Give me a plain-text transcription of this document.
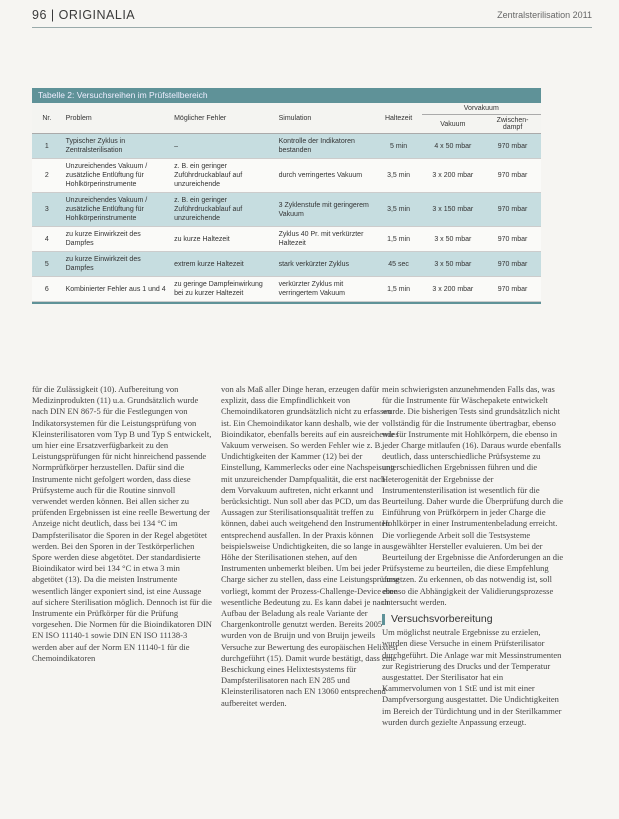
96 | ORIGINALIA	Zentralsterilisation 2011
Tabelle 2: Versuchsreihen im Prüfstellbereich
Nr.	Problem	Möglicher Fehler	Simulation	Haltezeit	Vorvakuum	
					Vakuum	Zwischen-dampf
1	Typischer Zyklus in Zentralsterilisation	–	Kontrolle der Indikatoren bestanden	5 min	4 x 50 mbar	970 mbar
2	Unzureichendes Vakuum / zusätzliche Entlüftung für Hohlkörperinstrumente	z. B. ein geringer Zuführdruckablauf auf unzureichende	durch verringertes Vakuum	3,5 min	3 x 200 mbar	970 mbar
3	Unzureichendes Vakuum / zusätzliche Entlüftung für Hohlkörperinstrumente	z. B. ein geringer Zuführdruckablauf auf unzureichende	3 Zyklenstufe mit geringerem Vakuum	3,5 min	3 x 150 mbar	970 mbar
4	zu kurze Einwirkzeit des Dampfes	zu kurze Haltezeit	Zyklus 40 Pr. mit verkürzter Haltezeit	1,5 min	3 x 50 mbar	970 mbar
5	zu kurze Einwirkzeit des Dampfes	extrem kurze Haltezeit	stark verkürzter Zyklus	45 sec	3 x 50 mbar	970 mbar
6	Kombinierter Fehler aus 1 und 4	zu geringe Dampfeinwirkung bei zu kurzer Haltezeit	verkürzter Zyklus mit verringertem Vakuum	1,5 min	3 x 200 mbar	970 mbar

für die Zulässigkeit (10). Aufbereitung von Medizinprodukten (11) u.a. Grundsätzlich wurde nach DIN EN 867-5 für die Festlegungen von Indikatorsystemen für die Leistungsprüfung von Kleinsterilisatoren vom Typ B und Typ S entwickelt, um hier eine Ersatzverfügbarkeit zu den Leistungsprüfungen für nicht hinreichend passende Normprüfkörper herzustellen. Dafür sind die Instrumente nicht gefolgert worden, dass diese Prüfsysteme auch für die Routine sinnvoll verwendet werden können. Bei allen sicher zu prüfenden Ergebnissen ist eine reelle Bewertung der Anzeige nicht deutlich, dass bei 134 °C im Dampfsterilisator die Sporen in der Regel abgetötet werden. Bei den Sporen in der Testkörperlichen Spore werden diese abgetötet. Der standardisierte Bioindikator wird bei 134 °C in etwa 3 min abgetötet (13). Da die meisten Instrumente wesentlich länger exponiert sind, ist eine Aussage auf sichere Sterilisation möglich. Dennoch ist für die Instrumente ein Prüfkörper für die Prüfung vorgesehen. Die Normen für die Bioindikatoren DIN EN ISO 11140-1 sowie DIN EN ISO 11138-3 werden aber auf der Norm EN 11140-1 für die Chemoindikatoren

von als Maß aller Dinge heran, erzeugen dafür explizit, dass die Empfindlichkeit von Chemoindikatoren grundsätzlich nicht zu erfassen ist. Ein Chemoindikator kann deshalb, wie der Bioindikator, ebenfalls bereits auf ein ausreichendes Vakuum verweisen. So werden Fehler wie z. B. Undichtigkeiten der Kammer (12) bei der Einstellung, Kammerlecks oder eine Nachspeisung mit unzureichender Dampfqualität, die erst nach dem Vorvakuum auftreten, nicht erkannt und berücksichtigt. Nun soll aber das PCD, um das Aussagen zur Sterilisationsqualität treffen zu können, dabei auch weitgehend den Instrumenten entsprechend ausfallen. In der Praxis können beispielsweise Undichtigkeiten, die so lange in Höhe der Sterilisationen stehen, auf den Instrumenten unbemerkt bleiben. Um bei jeder Charge sicher zu stellen, dass eine Leistungsprüfung vorliegt, kommt der Prozess-Challenge-Device eine wesentliche Bedeutung zu. Es kann dabei je nach Aufbau der Beladung als reale Variante der Chargenkontrolle genutzt werden. Bereits 2005 wurden von de Bruijn und von Bruijn jeweils Versuche zur Bewertung des europäischen Helixtest durchgeführt (15). Damit wurde bestätigt, dass eine Beschickung eines Helixtestsystems für Dampfsterilisatoren nach EN 285 und Kleinsterilisatoren nach EN 13060 entsprechend aufbereitet werden.

mein schwierigsten anzunehmenden Falls das, was für die Instrumente für Wäschepakete entwickelt wurde. Die bisherigen Tests sind grundsätzlich nicht vollständig für die Instrumente übertragbar, ebenso wie für Instrumente mit Hohlkörpern, die ebenso in jeder Charge mitlaufen (16). Daraus wurde ebenfalls deutlich, dass unterschiedliche Prüfsysteme zu unterschiedlichen Ergebnissen führen und die Heterogenität der Ergebnisse der Instrumentensterilisation ist wesentlich für die Beurteilung. Daher wurde die Überprüfung durch die Einführung von Prüfkörpern in jeder Charge die Hohlkörper in einer Instrumentenbeladung erreicht. Die vorliegende Arbeit soll die Testsysteme ausgewählter Hersteller evaluieren. Um bei der Beurteilung der Ergebnisse die Anforderungen an die Prüfsysteme zu beurteilen, die diese Empfehlung umsetzen. Zu erkennen, ob das notwendig ist, soll ebenso die Abhängigkeit der Validierungsprozesse untersucht werden.

Versuchsvorbereitung

Um möglichst neutrale Ergebnisse zu erzielen, wurden diese Versuche in einem Prüfsterilisator durchgeführt. Die Anlage war mit Messinstrumenten zur Registrierung des Drucks und der Temperatur ausgestattet. Der Sterilisator hat ein Kammervolumen von 1 StE und ist mit einer Dampfversorgung ausgestattet. Die Undichtigkeiten im Bereich der Türdichtung und in der Sterilkammer wurden durch gezielte Anpassung erzeugt.
